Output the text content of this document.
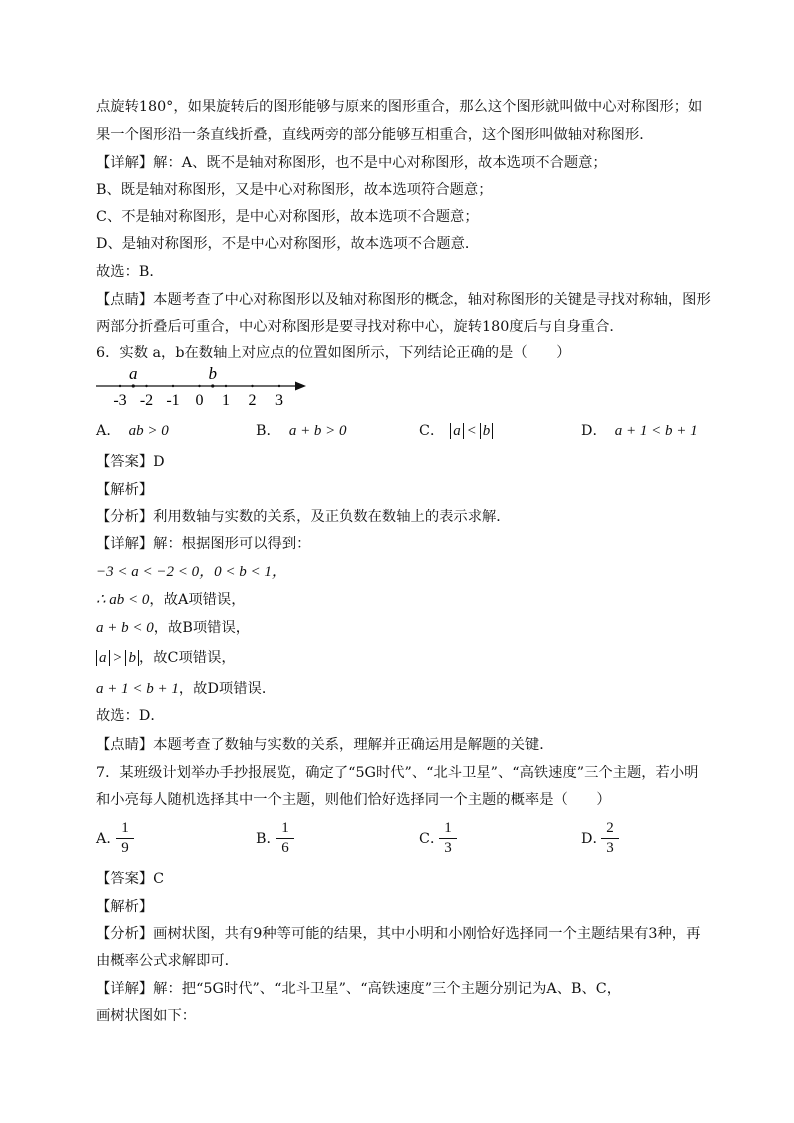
点旋转180°，如果旋转后的图形能够与原来的图形重合，那么这个图形就叫做中心对称图形；如
果一个图形沿一条直线折叠，直线两旁的部分能够互相重合，这个图形叫做轴对称图形．
【详解】解：A、既不是轴对称图形，也不是中心对称图形，故本选项不合题意；
B、既是轴对称图形，又是中心对称图形，故本选项符合题意；
C、不是轴对称图形，是中心对称图形，故本选项不合题意；
D、是轴对称图形，不是中心对称图形，故本选项不合题意．
故选：B．
【点睛】本题考查了中心对称图形以及轴对称图形的概念，轴对称图形的关键是寻找对称轴，图形
两部分折叠后可重合，中心对称图形是要寻找对称中心，旋转180度后与自身重合．
6．实数 a，b在数轴上对应点的位置如图所示，下列结论正确的是（　　）
-3 -2 -1 0 1 2 3
a	b
A． ab > 0	B． a + b > 0	C． a < b	D． a + 1 < b + 1
【答案】D
【解析】
【分析】利用数轴与实数的关系，及正负数在数轴上的表示求解．
【详解】解：根据图形可以得到：
−3 < a < −2 < 0，0 < b < 1，
∴ ab < 0，故A项错误，
a + b < 0，故B项错误，
a > b ，故C项错误，
a + 1 < b + 1，故D项错误．
故选：D．
【点睛】本题考查了数轴与实数的关系，理解并正确运用是解题的关键．
7．某班级计划举办手抄报展览，确定了“5G时代”、“北斗卫星”、“高铁速度”三个主题，若小明
和小亮每人随机选择其中一个主题，则他们恰好选择同一个主题的概率是（　　）
A．
1
9
B．
1
6
C．
1
3
D．
2
3
【答案】C
【解析】
【分析】画树状图，共有9种等可能的结果，其中小明和小刚恰好选择同一个主题结果有3种，再
由概率公式求解即可．
【详解】解：把“5G时代”、“北斗卫星”、“高铁速度”三个主题分别记为A、B、C，
画树状图如下：
